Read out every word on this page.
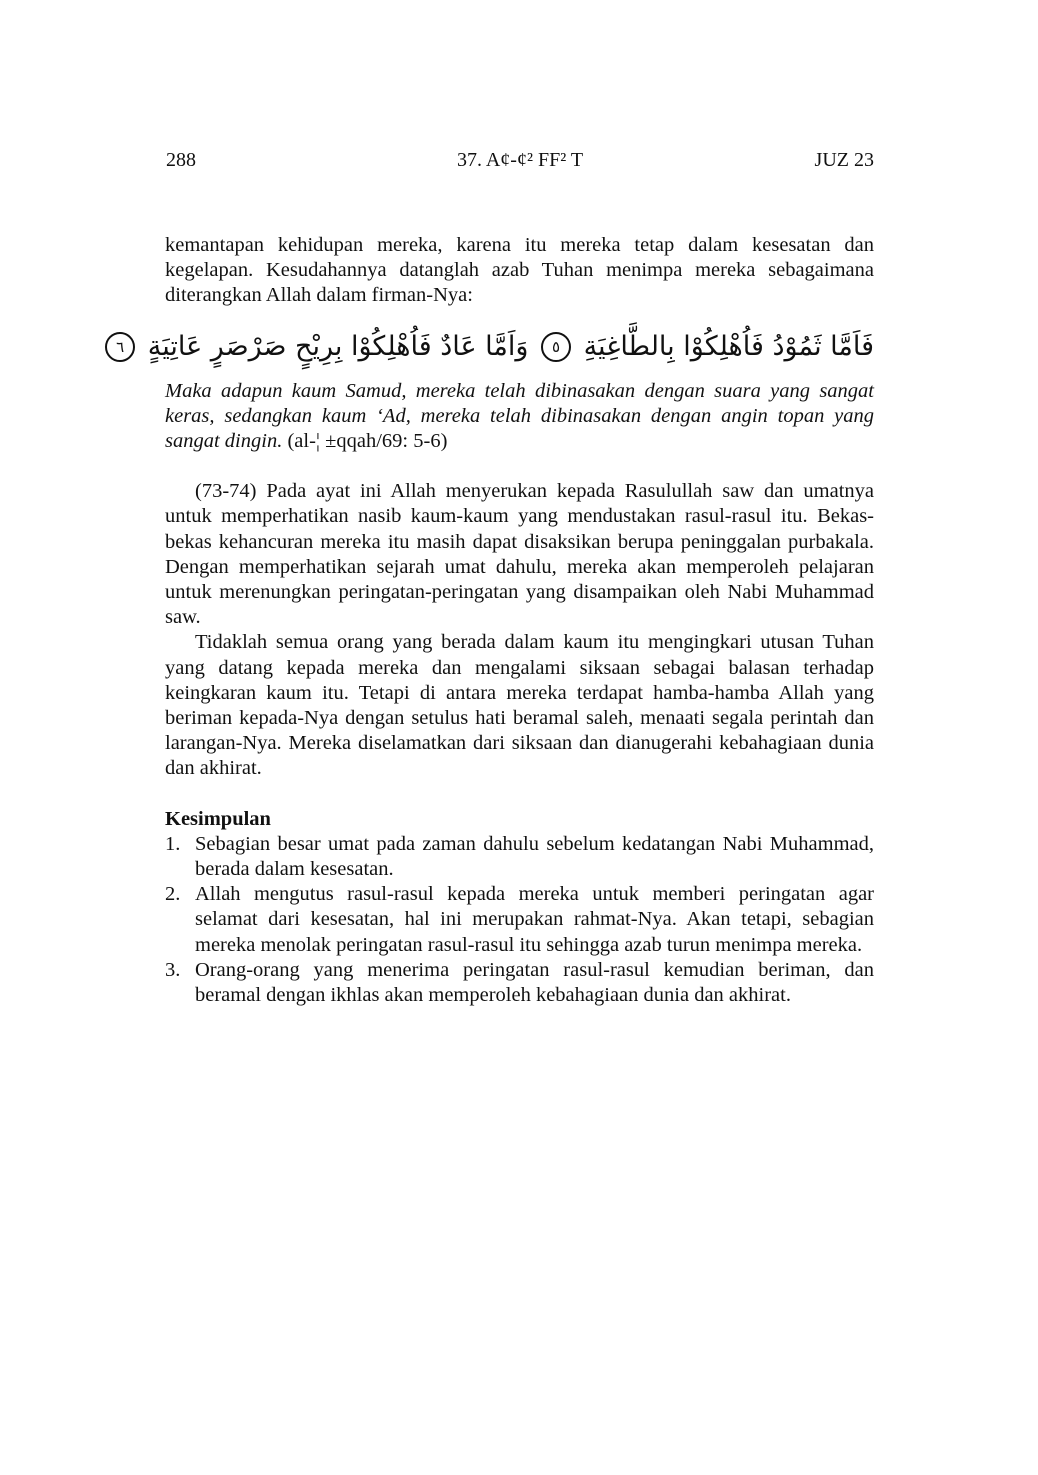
288	37. A¢-¢² FF² T	JUZ 23

kemantapan kehidupan mereka, karena itu mereka tetap dalam kesesatan dan kegelapan. Kesudahannya datanglah azab Tuhan menimpa mereka sebagaimana diterangkan Allah dalam firman-Nya:

فَاَمَّا ثَمُوْدُ فَاُهْلِكُوْا بِالطَّاغِيَةِ ٥ وَاَمَّا عَادٌ فَاُهْلِكُوْا بِرِيْحٍ صَرْصَرٍ عَاتِيَةٍ ٦

Maka adapun kaum Samud, mereka telah dibinasakan dengan suara yang sangat keras, sedangkan kaum ‘Ad, mereka telah dibinasakan dengan angin topan yang sangat dingin. (al-¦ ±qqah/69: 5-6)

(73-74) Pada ayat ini Allah menyerukan kepada Rasulullah saw dan umatnya untuk memperhatikan nasib kaum-kaum yang mendustakan rasul-rasul itu. Bekas-bekas kehancuran mereka itu masih dapat disaksikan berupa peninggalan purbakala. Dengan memperhatikan sejarah umat dahulu, mereka akan memperoleh pelajaran untuk merenungkan peringatan-peringatan yang disampaikan oleh Nabi Muhammad saw.

Tidaklah semua orang yang berada dalam kaum itu mengingkari utusan Tuhan yang datang kepada mereka dan mengalami siksaan sebagai balasan terhadap keingkaran kaum itu. Tetapi di antara mereka terdapat hamba-hamba Allah yang beriman kepada-Nya dengan setulus hati beramal saleh, menaati segala perintah dan larangan-Nya. Mereka diselamatkan dari siksaan dan dianugerahi kebahagiaan dunia dan akhirat.

Kesimpulan
1. Sebagian besar umat pada zaman dahulu sebelum kedatangan Nabi Muhammad, berada dalam kesesatan.
2. Allah mengutus rasul-rasul kepada mereka untuk memberi peringatan agar selamat dari kesesatan, hal ini merupakan rahmat-Nya. Akan tetapi, sebagian mereka menolak peringatan rasul-rasul itu sehingga azab turun menimpa mereka.
3. Orang-orang yang menerima peringatan rasul-rasul kemudian beriman, dan beramal dengan ikhlas akan memperoleh kebahagiaan dunia dan akhirat.
